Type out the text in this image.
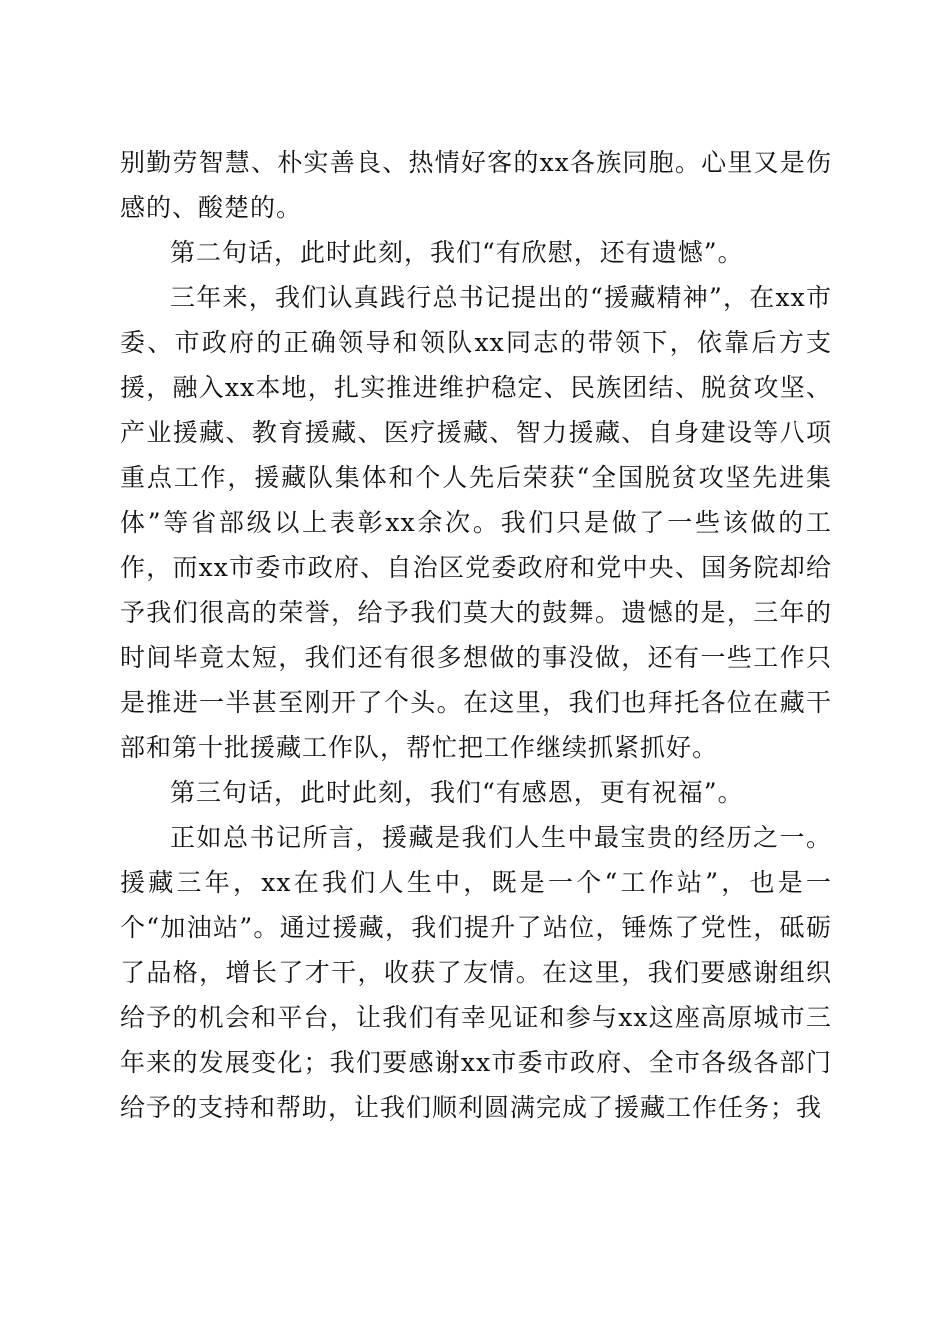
别勤劳智慧、朴实善良、热情好客的xx各族同胞。心里又是伤感的、酸楚的。

第二句话，此时此刻，我们“有欣慰，还有遗憾”。

三年来，我们认真践行总书记提出的“援藏精神”，在xx市委、市政府的正确领导和领队xx同志的带领下，依靠后方支援，融入xx本地，扎实推进维护稳定、民族团结、脱贫攻坚、产业援藏、教育援藏、医疗援藏、智力援藏、自身建设等八项重点工作，援藏队集体和个人先后荣获“全国脱贫攻坚先进集体”等省部级以上表彰xx余次。我们只是做了一些该做的工作，而xx市委市政府、自治区党委政府和党中央、国务院却给予我们很高的荣誉，给予我们莫大的鼓舞。遗憾的是，三年的时间毕竟太短，我们还有很多想做的事没做，还有一些工作只是推进一半甚至刚开了个头。在这里，我们也拜托各位在藏干部和第十批援藏工作队，帮忙把工作继续抓紧抓好。

第三句话，此时此刻，我们“有感恩，更有祝福”。

正如总书记所言，援藏是我们人生中最宝贵的经历之一。援藏三年，xx在我们人生中，既是一个“工作站”，也是一个“加油站”。通过援藏，我们提升了站位，锤炼了党性，砥砺了品格，增长了才干，收获了友情。在这里，我们要感谢组织给予的机会和平台，让我们有幸见证和参与xx这座高原城市三年来的发展变化；我们要感谢xx市委市政府、全市各级各部门给予的支持和帮助，让我们顺利圆满完成了援藏工作任务；我
